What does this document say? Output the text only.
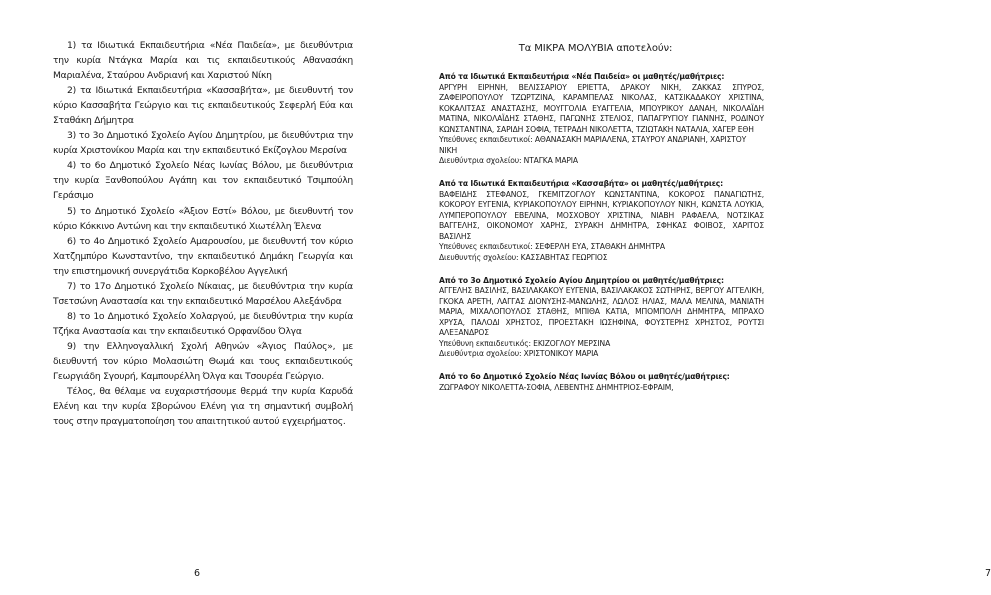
1) τα Ιδιωτικά Εκπαιδευτήρια «Νέα Παιδεία», με διευθύντρια την κυρία Ντάγκα Μαρία και τις εκπαιδευτικούς Αθανασάκη Μαριαλένα, Σταύρου Ανδριανή και Χαριστού Νίκη

2) τα Ιδιωτικά Εκπαιδευτήρια «Κασσαβήτα», με διευθυντή τον κύριο Κασσαβήτα Γεώργιο και τις εκπαιδευτικούς Σεφερλή Εύα και Σταθάκη Δήμητρα

3) το 3ο Δημοτικό Σχολείο Αγίου Δημητρίου, με διευθύντρια την κυρία Χριστονίκου Μαρία και την εκπαιδευτικό Εκίζογλου Μερσίνα

4) το 6ο Δημοτικό Σχολείο Νέας Ιωνίας Βόλου, με διευθύντρια την κυρία Ξανθοπούλου Αγάπη και τον εκπαιδευτικό Τσιμπούλη Γεράσιμο

5) το Δημοτικό Σχολείο «Άξιον Εστί» Βόλου, με διευθυντή τον κύριο Κόκκινο Αντώνη και την εκπαιδευτικό Χιωτέλλη Έλενα

6) το 4ο Δημοτικό Σχολείο Αμαρουσίου, με διευθυντή τον κύριο Χατζημπύρο Κωνσταντίνο, την εκπαιδευτικό Δημάκη Γεωργία και την επιστημονική συνεργάτιδα Κορκοβέλου Αγγελική

7) το 17ο Δημοτικό Σχολείο Νίκαιας, με διευθύντρια την κυρία Τσετσώνη Αναστασία και την εκπαιδευτικό Μαρσέλου Αλεξάνδρα

8) το 1ο Δημοτικό Σχολείο Χολαργού, με διευθύντρια την κυρία Τζήκα Αναστασία και την εκπαιδευτικό Ορφανίδου Όλγα

9) την Ελληνογαλλική Σχολή Αθηνών «Άγιος Παύλος», με διευθυντή τον κύριο Μολασιώτη Θωμά και τους εκπαιδευτικούς Γεωργιάδη Σγουρή, Καμπουρέλλη Όλγα και Τσουρέα Γεώργιο.

Τέλος, θα θέλαμε να ευχαριστήσουμε θερμά την κυρία Καρυδά Ελένη και την κυρία Σβορώνου Ελένη για τη σημαντική συμβολή τους στην πραγματοποίηση του απαιτητικού αυτού εγχειρήματος.

6
Τα ΜΙΚΡΑ ΜΟΛΥΒΙΑ αποτελούν:

Από τα Ιδιωτικά Εκπαιδευτήρια «Νέα Παιδεία» οι μαθητές/μαθήτριες:

ΑΡΓΥΡΗ ΕΙΡΗΝΗ, ΒΕΛΙΣΣΑΡΙΟΥ ΕΡΙΕΤΤΑ, ΔΡΑΚΟΥ ΝΙΚΗ, ΖΑΚΚΑΣ ΣΠΥΡΟΣ, ΖΑΦΕΙΡΟΠΟΥΛΟΥ ΤΖΩΡΤΖΙΝΑ, ΚΑΡΑΜΠΕΛΑΣ ΝΙΚΟΛΑΣ, ΚΑΤΣΙΚΑΔΑΚΟΥ ΧΡΙΣΤΙΝΑ, ΚΟΚΑΛΙΤΣΑΣ ΑΝΑΣΤΑΣΗΣ, ΜΟΥΓΓΟΛΙΑ ΕΥΑΓΓΕΛΙΑ, ΜΠΟΥΡΙΚΟΥ ΔΑΝΑΗ, ΝΙΚΟΛΑΪΔΗ ΜΑΤΙΝΑ, ΝΙΚΟΛΑΪΔΗΣ ΣΤΑΘΗΣ, ΠΑΓΩΝΗΣ ΣΤΕΛΙΟΣ, ΠΑΠΑΓΡΥΓΙΟΥ ΓΙΑΝΝΗΣ, ΡΟΔΙΝΟΥ ΚΩΝΣΤΑΝΤΙΝΑ, ΣΑΡΙΔΗ ΣΟΦΙΑ, ΤΕΤΡΑΔΗ ΝΙΚΟΛΕΤΤΑ, ΤΖΙΩΤΑΚΗ ΝΑΤΑΛΙΑ, ΧΑΓΕΡ ΕΘΗ

Υπεύθυνες εκπαιδευτικοί: ΑΘΑΝΑΣΑΚΗ ΜΑΡΙΑΛΕΝΑ, ΣΤΑΥΡΟΥ ΑΝΔΡΙΑΝΗ, ΧΑΡΙΣΤΟΥ ΝΙΚΗ

Διευθύντρια σχολείου: ΝΤΑΓΚΑ ΜΑΡΙΑ

Από τα Ιδιωτικά Εκπαιδευτήρια «Κασσαβήτα» οι μαθητές/μαθήτριες:

ΒΑΦΕΙΔΗΣ ΣΤΕΦΑΝΟΣ, ΓΚΕΜΙΤΖΟΓΛΟΥ ΚΩΝΣΤΑΝΤΙΝΑ, ΚΟΚΟΡΟΣ ΠΑΝΑΓΙΩΤΗΣ, ΚΟΚΟΡΟΥ ΕΥΓΕΝΙΑ, ΚΥΡΙΑΚΟΠΟΥΛΟΥ ΕΙΡΗΝΗ, ΚΥΡΙΑΚΟΠΟΥΛΟΥ ΝΙΚΗ, ΚΩΝΣΤΑ ΛΟΥΚΙΑ, ΛΥΜΠΕΡΟΠΟΥΛΟΥ ΕΒΕΛΙΝΑ, ΜΟΣΧΟΒΟΥ ΧΡΙΣΤΙΝΑ, ΝΙΑΒΗ ΡΑΦΑΕΛΑ, ΝΟΤΣΙΚΑΣ ΒΑΓΓΕΛΗΣ, ΟΙΚΟΝΟΜΟΥ ΧΑΡΗΣ, ΣΥΡΑΚΗ ΔΗΜΗΤΡΑ, ΣΦΗΚΑΣ ΦΟΙΒΟΣ, ΧΑΡΙΤΟΣ ΒΑΣΙΛΗΣ

Υπεύθυνες εκπαιδευτικοί: ΣΕΦΕΡΛΗ ΕΥΑ, ΣΤΑΘΑΚΗ ΔΗΜΗΤΡΑ

Διευθυντής σχολείου: ΚΑΣΣΑΒΗΤΑΣ ΓΕΩΡΓΙΟΣ

Από το 3ο Δημοτικό Σχολείο Αγίου Δημητρίου οι μαθητές/μαθήτριες:

ΑΓΓΕΛΗΣ ΒΑΣΙΛΗΣ, ΒΑΣΙΛΑΚΑΚΟΥ ΕΥΓΕΝΙΑ, ΒΑΣΙΛΑΚΑΚΟΣ ΣΩΤΗΡΗΣ, ΒΕΡΓΟΥ ΑΓΓΕΛΙΚΗ, ΓΚΟΚΑ ΑΡΕΤΗ, ΛΑΓΓΑΣ ΔΙΟΝΥΣΗΣ-ΜΑΝΩΛΗΣ, ΛΩΛΟΣ ΗΛΙΑΣ, ΜΑΛΑ ΜΕΛΙΝΑ, ΜΑΝΙΑΤΗ ΜΑΡΙΑ, ΜΙΧΑΛΟΠΟΥΛΟΣ ΣΤΑΘΗΣ, ΜΠΙΘΑ ΚΑΤΙΑ, ΜΠΟΜΠΟΛΗ ΔΗΜΗΤΡΑ, ΜΠΡΑΧΟ ΧΡΥΣΑ, ΠΑΛΟΔΙ ΧΡΗΣΤΟΣ, ΠΡΟΕΣΤΑΚΗ ΙΩΣΗΦΙΝΑ, ΦΟΥΣΤΕΡΗΣ ΧΡΗΣΤΟΣ, ΡΟΥΤΣΙ ΑΛΕΞΑΝΔΡΟΣ

Υπεύθυνη εκπαιδευτικός: ΕΚΙΖΟΓΛΟΥ ΜΕΡΣΙΝΑ

Διευθύντρια σχολείου: ΧΡΙΣΤΟΝΙΚΟΥ ΜΑΡΙΑ

Από το 6ο Δημοτικό Σχολείο Νέας Ιωνίας Βόλου οι μαθητές/μαθήτριες:

ΖΩΓΡΑΦΟΥ ΝΙΚΟΛΕΤΤΑ-ΣΟΦΙΑ, ΛΕΒΕΝΤΗΣ ΔΗΜΗΤΡΙΟΣ-ΕΦΡΑΙΜ,

7
